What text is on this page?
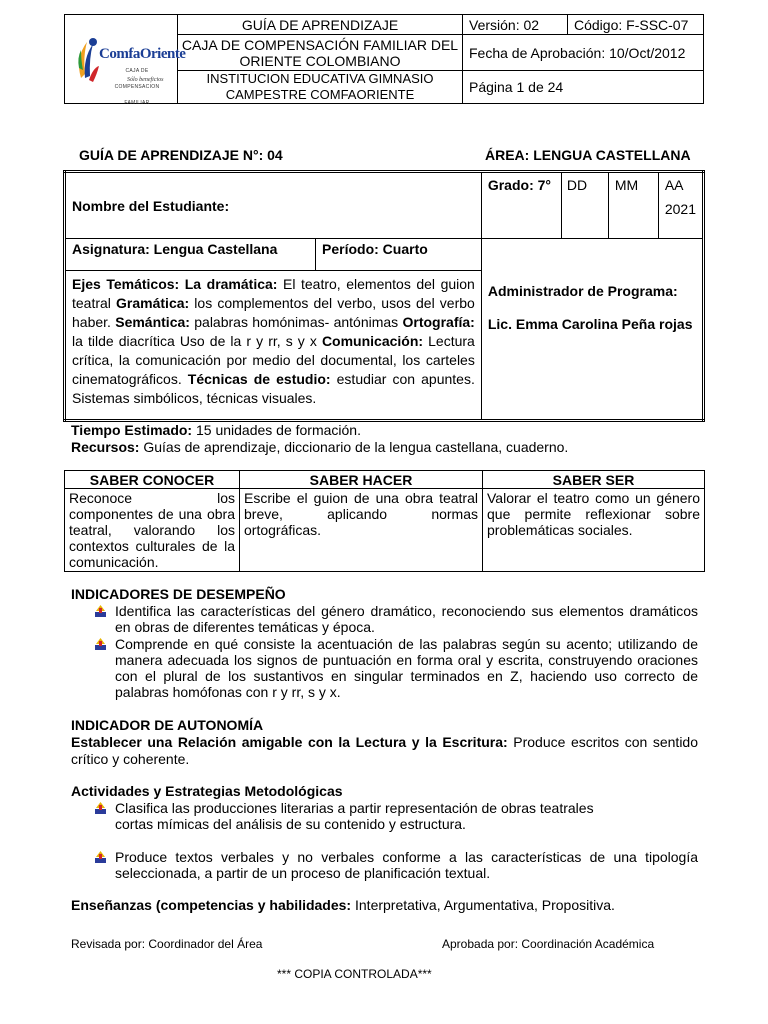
ComfaOriente
CAJA DE COMPENSACION FAMILIAR
Sólo beneficios	GUÍA DE APRENDIZAJE	Versión: 02	Código: F-SSC-07
	CAJA DE COMPENSACIÓN FAMILIAR DEL ORIENTE COLOMBIANO	Fecha de Aprobación: 10/Oct/2012	
	INSTITUCION EDUCATIVA GIMNASIO CAMPESTRE COMFAORIENTE	Página 1 de 24	
GUÍA DE APRENDIZAJE N°: 04	ÁREA: LENGUA CASTELLANA
Nombre del Estudiante:		Grado: 7°	DD	MM	AA
2021

Asignatura: Lengua Castellana	Período: Cuarto	Administrador de Programa:
Lic. Emma Carolina Peña rojas			

Ejes Temáticos: La dramática: El teatro, elementos del guion teatral Gramática: los complementos del verbo, usos del verbo haber. Semántica: palabras homónimas- antónimas Ortografía: la tilde diacrítica Uso de la r y rr, s y x Comunicación: Lectura crítica, la comunicación por medio del documental, los carteles cinematográficos. Técnicas de estudio: estudiar con apuntes. Sistemas simbólicos, técnicas visuales.					
Tiempo Estimado: 15 unidades de formación.
Recursos: Guías de aprendizaje, diccionario de la lengua castellana, cuaderno.
SABER CONOCER	SABER HACER	SABER SER
Reconoce los componentes de una obra teatral, valorando los contextos culturales de la comunicación.	Escribe el guion de una obra teatral breve, aplicando normas ortográficas.	Valorar el teatro como un género que permite reflexionar sobre problemáticas sociales.
INDICADORES DE DESEMPEÑO
Identifica las características del género dramático, reconociendo sus elementos dramáticos en obras de diferentes temáticas y época.
Comprende en qué consiste la acentuación de las palabras según su acento; utilizando de manera adecuada los signos de puntuación en forma oral y escrita, construyendo oraciones con el plural de los sustantivos en singular terminados en Z, haciendo uso correcto de palabras homófonas con r y rr, s y x.
INDICADOR DE AUTONOMÍA
Establecer una Relación amigable con la Lectura y la Escritura: Produce escritos con sentido crítico y coherente.
Actividades y Estrategias Metodológicas
Clasifica las producciones literarias a partir representación de obras teatrales cortas mímicas del análisis de su contenido y estructura.
Produce textos verbales y no verbales conforme a las características de una tipología seleccionada, a partir de un proceso de planificación textual.
Enseñanzas (competencias y habilidades: Interpretativa, Argumentativa, Propositiva.
Revisada por: Coordinador del Área	Aprobada por: Coordinación Académica
*** COPIA CONTROLADA***
